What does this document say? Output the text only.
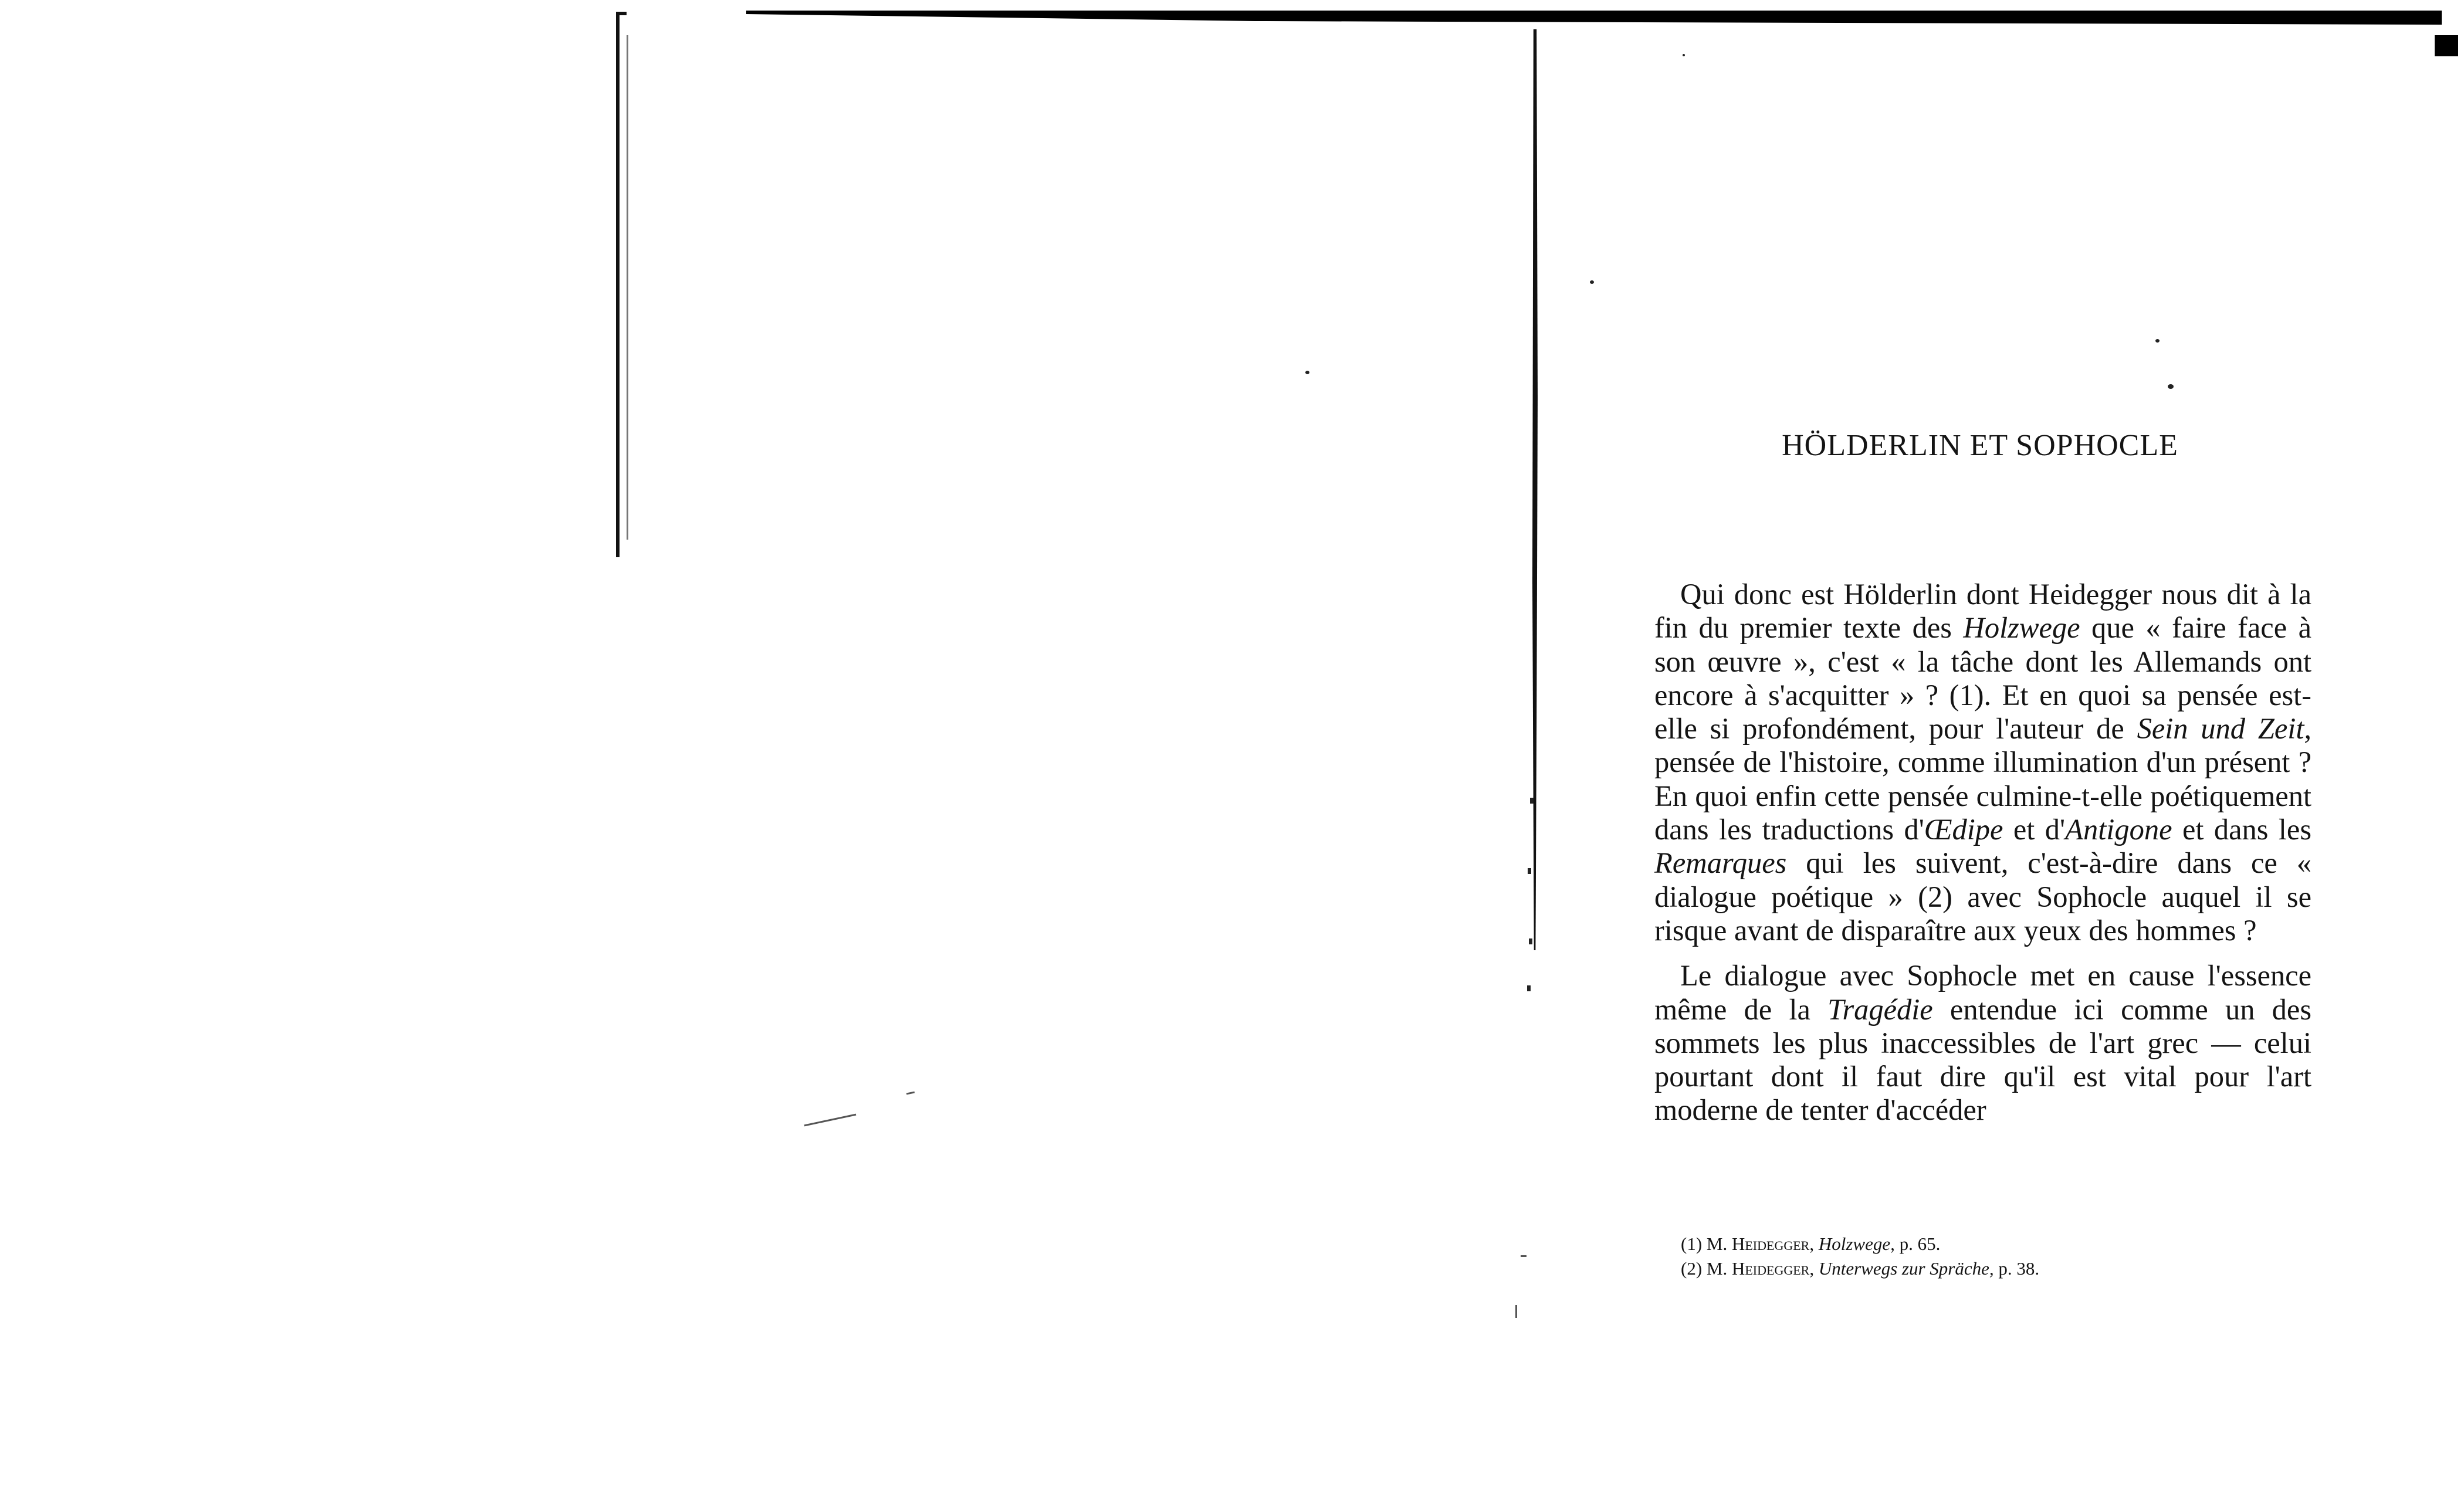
HÖLDERLIN ET SOPHOCLE

Qui donc est Hölderlin dont Heidegger nous dit à la fin du premier texte des Holzwege que « faire face à son œuvre », c'est « la tâche dont les Allemands ont encore à s'acquitter » ? (1). Et en quoi sa pensée est-elle si profondément, pour l'auteur de Sein und Zeit, pensée de l'histoire, comme illumination d'un présent ? En quoi enfin cette pensée culmine-t-elle poétiquement dans les traductions d'Œdipe et d'Antigone et dans les Remarques qui les suivent, c'est-à-dire dans ce « dialogue poétique » (2) avec Sophocle auquel il se risque avant de disparaître aux yeux des hommes ?

Le dialogue avec Sophocle met en cause l'essence même de la Tragédie entendue ici comme un des sommets les plus inaccessibles de l'art grec — celui pourtant dont il faut dire qu'il est vital pour l'art moderne de tenter d'accéder

(1) M. Heidegger, Holzwege, p. 65.
(2) M. Heidegger, Unterwegs zur Spräche, p. 38.
